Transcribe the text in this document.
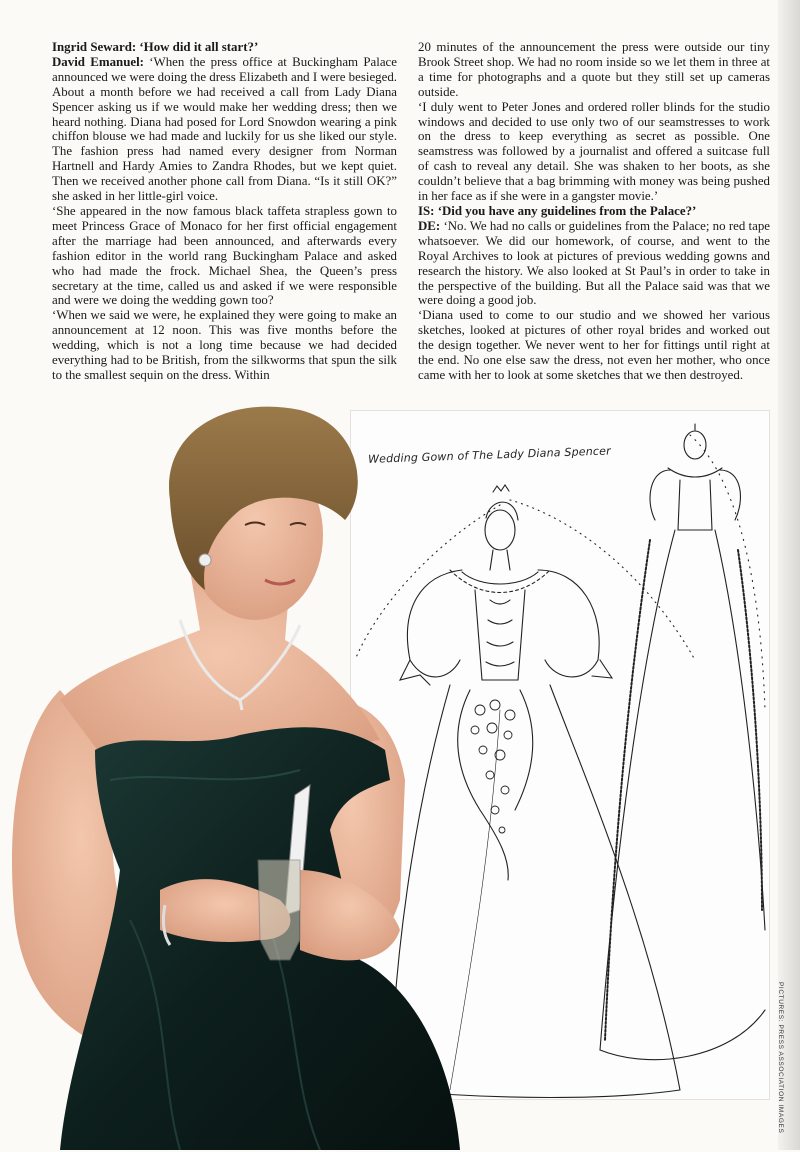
Ingrid Seward: ‘How did it all start?’

David Emanuel: ‘When the press office at Buckingham Palace announced we were doing the dress Elizabeth and I were besieged. About a month before we had received a call from Lady Diana Spencer asking us if we would make her wedding dress; then we heard nothing. Diana had posed for Lord Snowdon wearing a pink chiffon blouse we had made and luckily for us she liked our style. The fashion press had named every designer from Norman Hartnell and Hardy Amies to Zandra Rhodes, but we kept quiet. Then we received another phone call from Diana. “Is it still OK?” she asked in her little-girl voice.

‘She appeared in the now famous black taffeta strapless gown to meet Princess Grace of Monaco for her first official engagement after the marriage had been announced, and afterwards every fashion editor in the world rang Buckingham Palace and asked who had made the frock. Michael Shea, the Queen’s press secretary at the time, called us and asked if we were responsible and were we doing the wedding gown too?

‘When we said we were, he explained they were going to make an announcement at 12 noon. This was five months before the wedding, which is not a long time because we had decided everything had to be British, from the silkworms that spun the silk to the smallest sequin on the dress. Within

20 minutes of the announcement the press were outside our tiny Brook Street shop. We had no room inside so we let them in three at a time for photographs and a quote but they still set up cameras outside.

‘I duly went to Peter Jones and ordered roller blinds for the studio windows and decided to use only two of our seamstresses to work on the dress to keep everything as secret as possible. One seamstress was followed by a journalist and offered a suitcase full of cash to reveal any detail. She was shaken to her boots, as she couldn’t believe that a bag brimming with money was being pushed in her face as if she were in a gangster movie.’

IS: ‘Did you have any guidelines from the Palace?’

DE: ‘No. We had no calls or guidelines from the Palace; no red tape whatsoever. We did our homework, of course, and went to the Royal Archives to look at pictures of previous wedding gowns and research the history. We also looked at St Paul’s in order to take in the perspective of the building. But all the Palace said was that we were doing a good job.

‘Diana used to come to our studio and we showed her various sketches, looked at pictures of other royal brides and worked out the design together. We never went to her for fittings until right at the end. No one else saw the dress, not even her mother, who once came with her to look at some sketches that we then destroyed.

Wedding Gown of The Lady Diana Spencer
PICTURES: PRESS ASSOCIATION IMAGES
